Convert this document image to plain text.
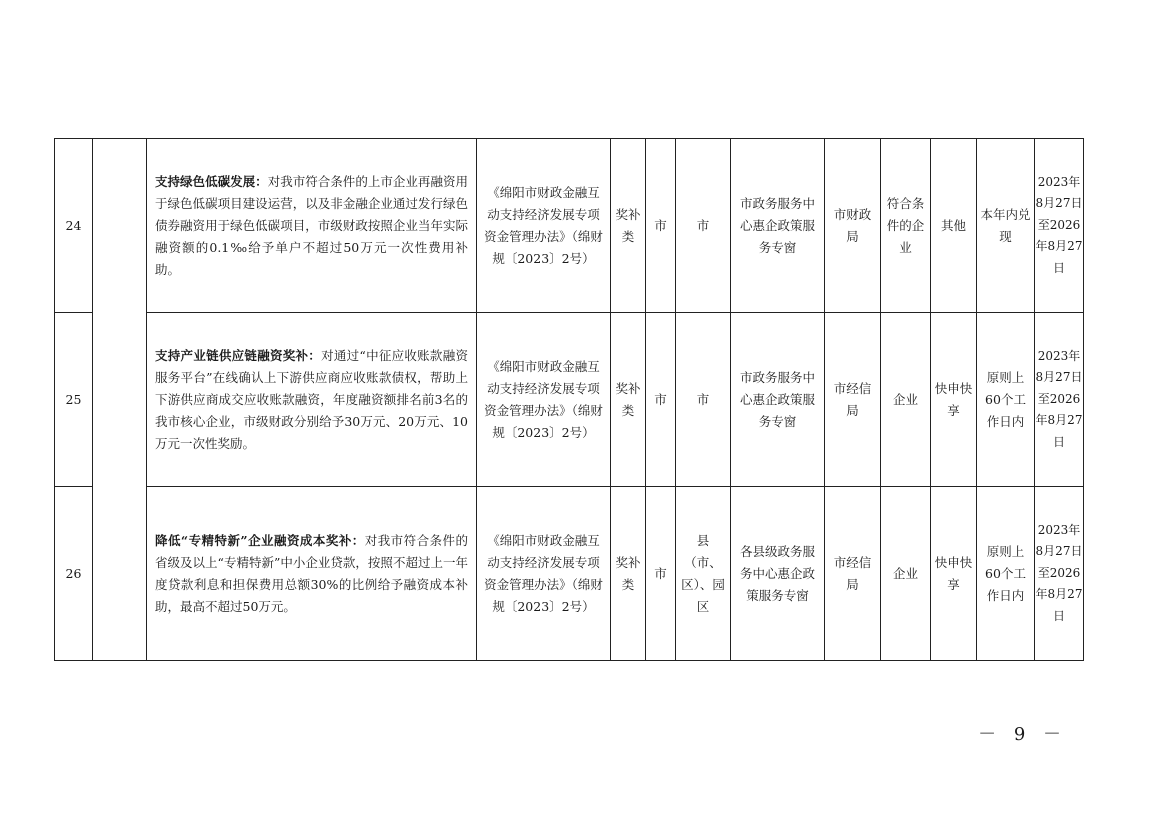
24		支持绿色低碳发展：对我市符合条件的上市企业再融资用于绿色低碳项目建设运营，以及非金融企业通过发行绿色债券融资用于绿色低碳项目，市级财政按照企业当年实际融资额的0.1‰给予单户不超过50万元一次性费用补助。	《绵阳市财政金融互动支持经济发展专项资金管理办法》（绵财规〔2023〕2号）	奖补类	市	市	市政务服务中心惠企政策服务专窗	市财政局	符合条件的企业	其他	本年内兑现	2023年8月27日至2026年8月27日
25		支持产业链供应链融资奖补：对通过“中征应收账款融资服务平台”在线确认上下游供应商应收账款债权，帮助上下游供应商成交应收账款融资，年度融资额排名前3名的我市核心企业，市级财政分别给予30万元、20万元、10万元一次性奖励。	《绵阳市财政金融互动支持经济发展专项资金管理办法》（绵财规〔2023〕2号）	奖补类	市	市	市政务服务中心惠企政策服务专窗	市经信局	企业	快申快享	原则上60个工作日内	2023年8月27日至2026年8月27日
26		降低“专精特新”企业融资成本奖补：对我市符合条件的省级及以上“专精特新”中小企业贷款，按照不超过上一年度贷款利息和担保费用总额30%的比例给予融资成本补助，最高不超过50万元。	《绵阳市财政金融互动支持经济发展专项资金管理办法》（绵财规〔2023〕2号）	奖补类	市	县（市、区）、园区	各县级政务服务中心惠企政策服务专窗	市经信局	企业	快申快享	原则上60个工作日内	2023年8月27日至2026年8月27日
－ 9 －
